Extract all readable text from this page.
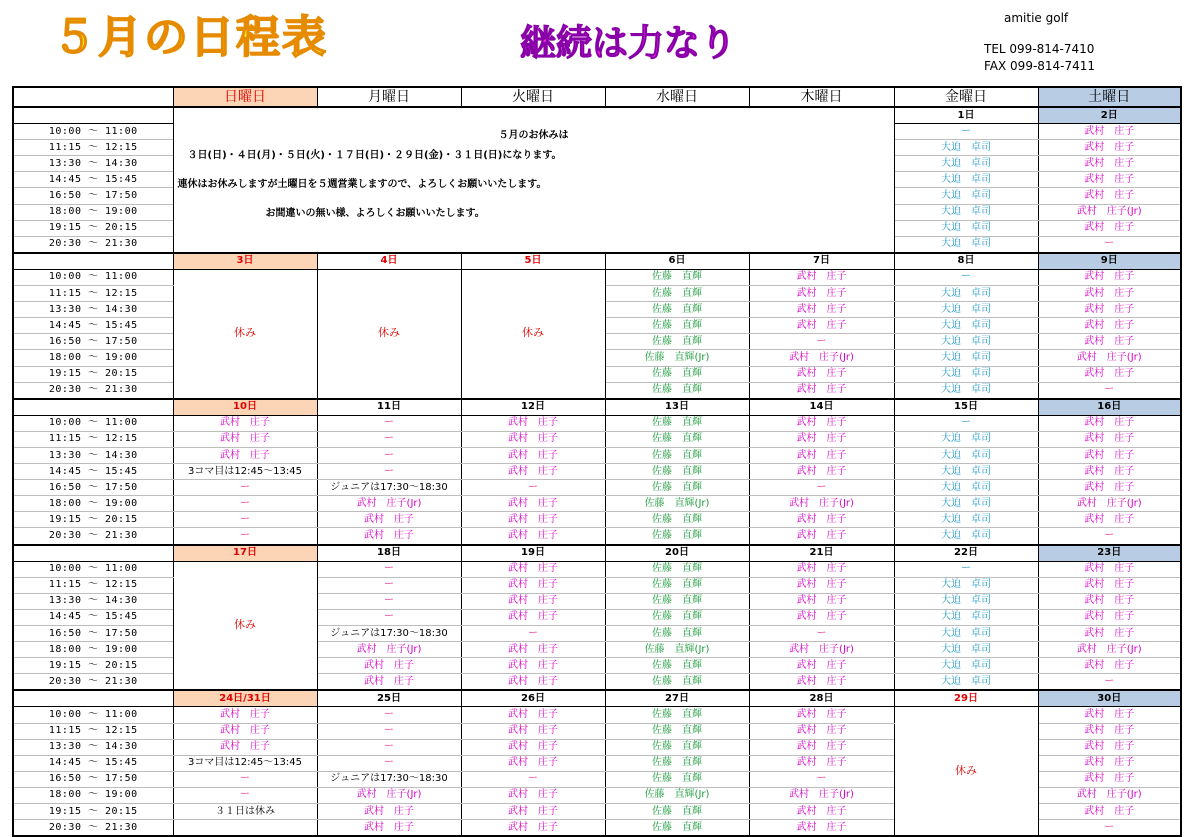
５月の日程表	継続は力なり
amitie golf
TEL 099-814-7410
FAX 099-814-7411
	日曜日	月曜日	火曜日	水曜日	木曜日	金曜日	土曜日

	５月のお休みは
３日(日)・４日(月)・５日(火)・１７日(日)・２９日(金)・３１日(日)になります。
連休はお休みしますが土曜日を５週営業しますので、よろしくお願いいたします。
お間違いの無い様、よろしくお願いいたします。					1日	2日
10:00 ～ 11:00						ー	武村　庄子
11:15 ～ 12:15						大迫　卓司	武村　庄子
13:30 ～ 14:30						大迫　卓司	武村　庄子
14:45 ～ 15:45						大迫　卓司	武村　庄子
16:50 ～ 17:50						大迫　卓司	武村　庄子
18:00 ～ 19:00						大迫　卓司	武村　庄子(Jr)
19:15 ～ 20:15						大迫　卓司	武村　庄子
20:30 ～ 21:30						大迫　卓司	ー
	3日	4日	5日	6日	7日	8日	9日
10:00 ～ 11:00	休み	休み	休み	佐藤　直輝	武村　庄子	ー	武村　庄子
11:15 ～ 12:15				佐藤　直輝	武村　庄子	大迫　卓司	武村　庄子
13:30 ～ 14:30				佐藤　直輝	武村　庄子	大迫　卓司	武村　庄子
14:45 ～ 15:45				佐藤　直輝	武村　庄子	大迫　卓司	武村　庄子
16:50 ～ 17:50				佐藤　直輝	ー	大迫　卓司	武村　庄子
18:00 ～ 19:00				佐藤　直輝(Jr)	武村　庄子(Jr)	大迫　卓司	武村　庄子(Jr)
19:15 ～ 20:15				佐藤　直輝	武村　庄子	大迫　卓司	武村　庄子
20:30 ～ 21:30				佐藤　直輝	武村　庄子	大迫　卓司	ー
	10日	11日	12日	13日	14日	15日	16日
10:00 ～ 11:00	武村　庄子	ー	武村　庄子	佐藤　直輝	武村　庄子	ー	武村　庄子
11:15 ～ 12:15	武村　庄子	ー	武村　庄子	佐藤　直輝	武村　庄子	大迫　卓司	武村　庄子
13:30 ～ 14:30	武村　庄子	ー	武村　庄子	佐藤　直輝	武村　庄子	大迫　卓司	武村　庄子
14:45 ～ 15:45	3コマ目は12:45～13:45	ー	武村　庄子	佐藤　直輝	武村　庄子	大迫　卓司	武村　庄子
16:50 ～ 17:50	ー	ジュニアは17:30～18:30	ー	佐藤　直輝	ー	大迫　卓司	武村　庄子
18:00 ～ 19:00	ー	武村　庄子(Jr)	武村　庄子	佐藤　直輝(Jr)	武村　庄子(Jr)	大迫　卓司	武村　庄子(Jr)
19:15 ～ 20:15	ー	武村　庄子	武村　庄子	佐藤　直輝	武村　庄子	大迫　卓司	武村　庄子
20:30 ～ 21:30	ー	武村　庄子	武村　庄子	佐藤　直輝	武村　庄子	大迫　卓司	ー
	17日	18日	19日	20日	21日	22日	23日
10:00 ～ 11:00	休み	ー	武村　庄子	佐藤　直輝	武村　庄子	ー	武村　庄子
11:15 ～ 12:15		ー	武村　庄子	佐藤　直輝	武村　庄子	大迫　卓司	武村　庄子
13:30 ～ 14:30		ー	武村　庄子	佐藤　直輝	武村　庄子	大迫　卓司	武村　庄子
14:45 ～ 15:45		ー	武村　庄子	佐藤　直輝	武村　庄子	大迫　卓司	武村　庄子
16:50 ～ 17:50		ジュニアは17:30～18:30	ー	佐藤　直輝	ー	大迫　卓司	武村　庄子
18:00 ～ 19:00		武村　庄子(Jr)	武村　庄子	佐藤　直輝(Jr)	武村　庄子(Jr)	大迫　卓司	武村　庄子(Jr)
19:15 ～ 20:15		武村　庄子	武村　庄子	佐藤　直輝	武村　庄子	大迫　卓司	武村　庄子
20:30 ～ 21:30		武村　庄子	武村　庄子	佐藤　直輝	武村　庄子	大迫　卓司	ー
	24日/31日	25日	26日	27日	28日	29日	30日
10:00 ～ 11:00	武村　庄子	ー	武村　庄子	佐藤　直輝	武村　庄子	休み	武村　庄子
11:15 ～ 12:15	武村　庄子	ー	武村　庄子	佐藤　直輝	武村　庄子		武村　庄子
13:30 ～ 14:30	武村　庄子	ー	武村　庄子	佐藤　直輝	武村　庄子		武村　庄子
14:45 ～ 15:45	3コマ目は12:45～13:45	ー	武村　庄子	佐藤　直輝	武村　庄子		武村　庄子
16:50 ～ 17:50	ー	ジュニアは17:30～18:30	ー	佐藤　直輝	ー		武村　庄子
18:00 ～ 19:00	ー	武村　庄子(Jr)	武村　庄子	佐藤　直輝(Jr)	武村　庄子(Jr)		武村　庄子(Jr)
19:15 ～ 20:15	３１日は休み	武村　庄子	武村　庄子	佐藤　直輝	武村　庄子		武村　庄子
20:30 ～ 21:30		武村　庄子	武村　庄子	佐藤　直輝	武村　庄子		ー
